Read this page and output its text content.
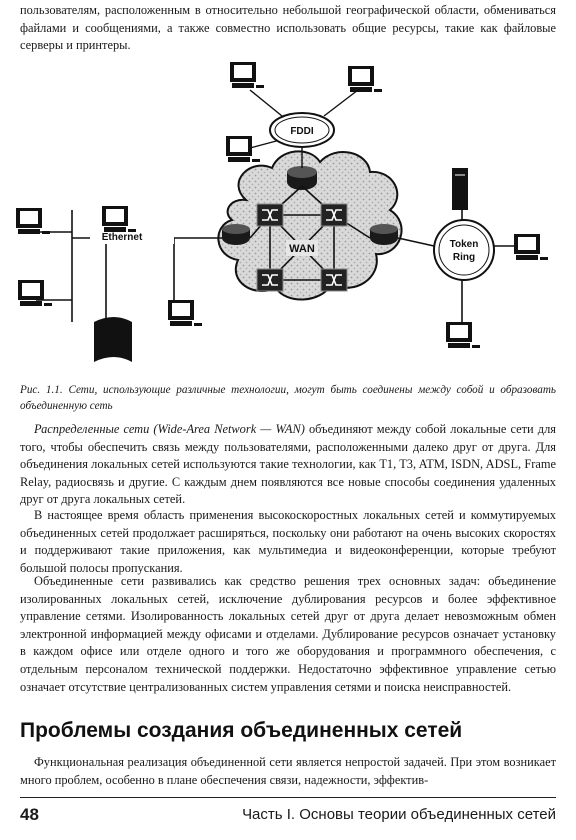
пользователям, расположенным в относительно небольшой географической области, обмениваться файлами и сообщениями, а также совместно использовать общие ресурсы, такие как файловые серверы и принтеры.

WAN
FDDI
Ethernet
Token
Ring

Рис. 1.1. Сети, использующие различные технологии, могут быть соединены между собой и образовать объединенную сеть

Распределенные сети (Wide-Area Network — WAN) объединяют между собой локальные сети для того, чтобы обеспечить связь между пользователями, расположенными далеко друг от друга. Для объединения локальных сетей используются такие технологии, как T1, T3, ATM, ISDN, ADSL, Frame Relay, радиосвязь и другие. С каждым днем появляются все новые способы соединения удаленных друг от друга локальных сетей.

В настоящее время область применения высокоскоростных локальных сетей и коммутируемых объединенных сетей продолжает расширяться, поскольку они работают на очень высоких скоростях и поддерживают такие приложения, как мультимедиа и видеоконференции, которые требуют большой полосы пропускания.

Объединенные сети развивались как средство решения трех основных задач: объединение изолированных локальных сетей, исключение дублирования ресурсов и более эффективное управление сетями. Изолированность локальных сетей друг от друга делает невозможным обмен электронной информацией между офисами и отделами. Дублирование ресурсов означает установку в каждом офисе или отделе одного и того же оборудования и программного обеспечения, с отдельным персоналом технической поддержки. Недостаточно эффективное управление сетью означает отсутствие централизованных систем управления сетями и поиска неисправностей.

Проблемы создания объединенных сетей

Функциональная реализация объединенной сети является непростой задачей. При этом возникает много проблем, особенно в плане обеспечения связи, надежности, эффектив-

48	Часть I. Основы теории объединенных сетей
